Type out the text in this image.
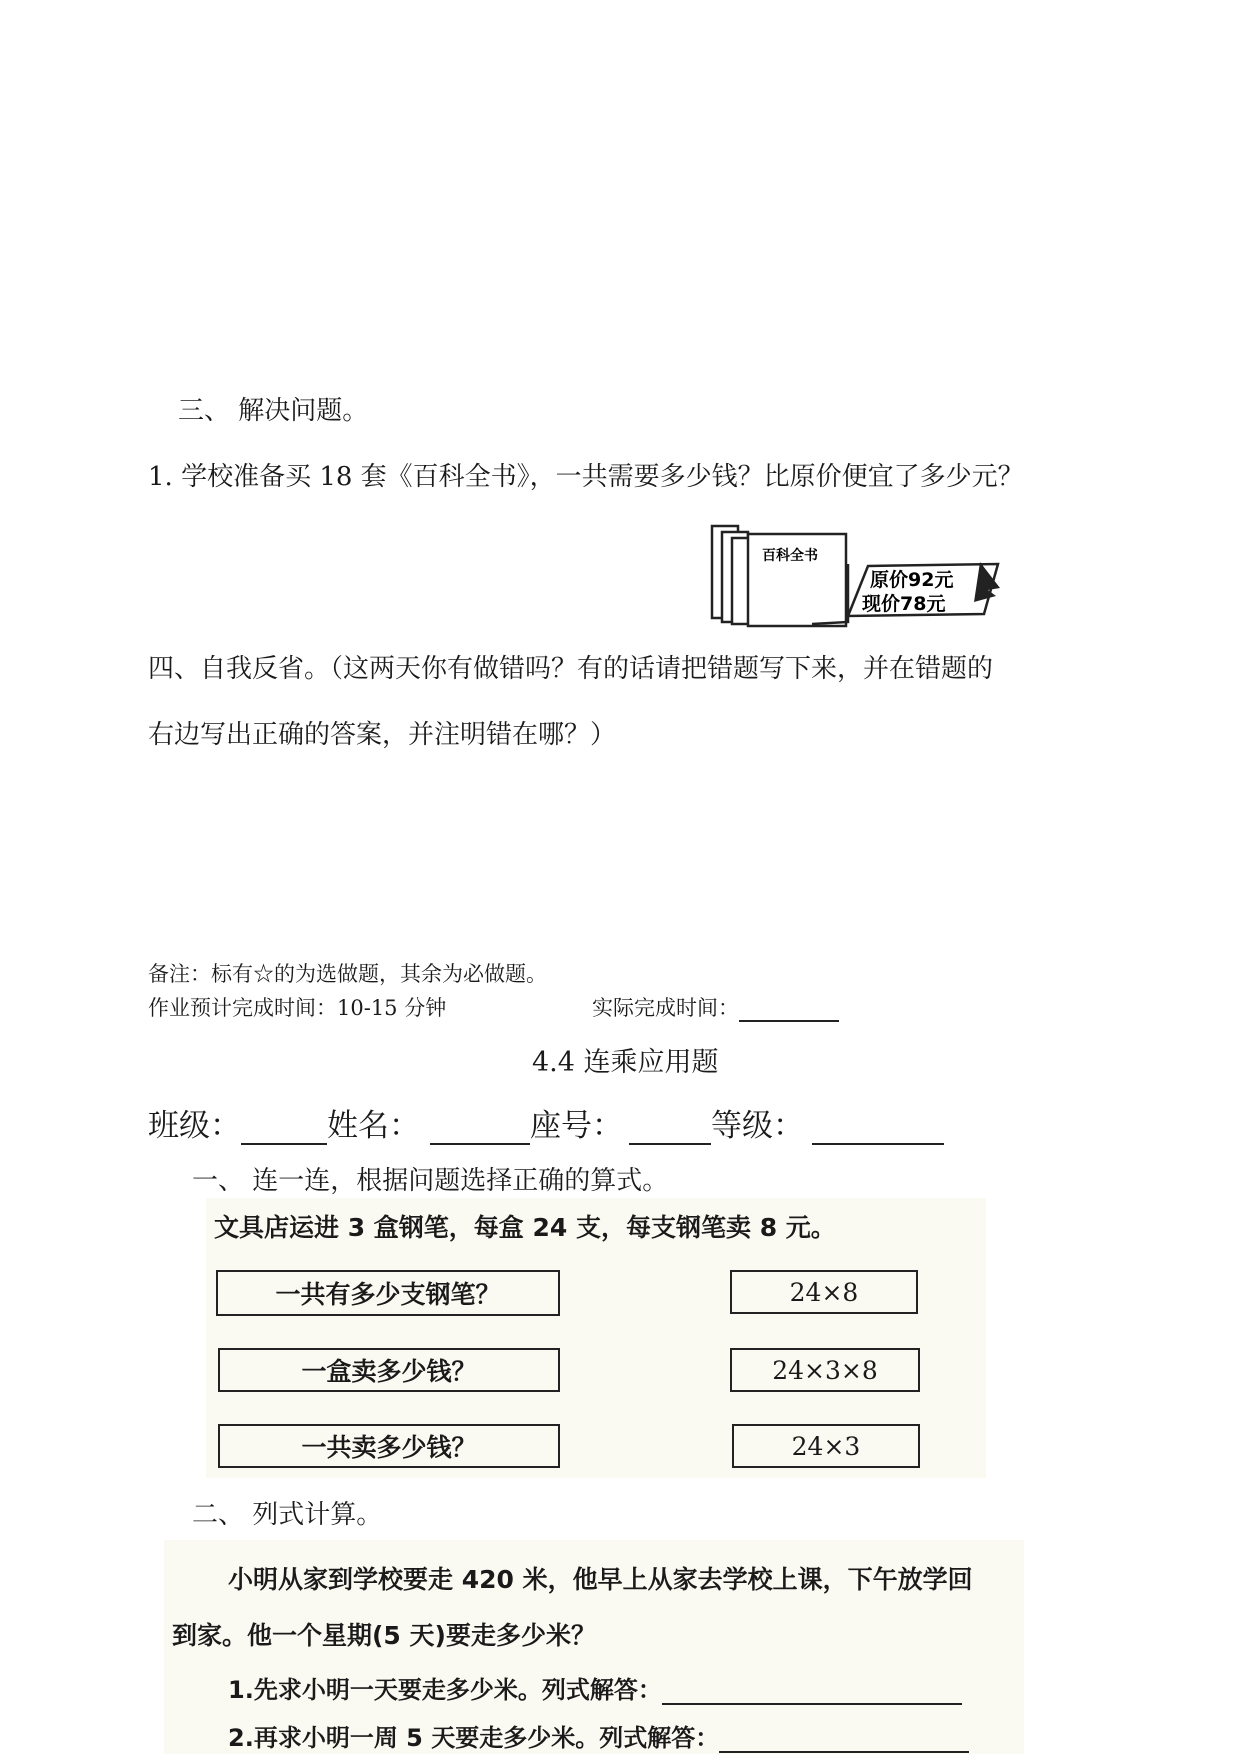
三、 解决问题。
1. 学校准备买 18 套《百科全书》，一共需要多少钱？比原价便宜了多少元？
百科全书
原价92元
现价78元
四、自我反省。（这两天你有做错吗？有的话请把错题写下来，并在错题的
右边写出正确的答案，并注明错在哪？）
备注：标有☆的为选做题，其余为必做题。
作业预计完成时间：10-15 分钟	实际完成时间：
4.4 连乘应用题
班级：	姓名：	座号：	等级：
一、 连一连，根据问题选择正确的算式。
文具店运进 3 盒钢笔，每盒 24 支，每支钢笔卖 8 元。
一共有多少支钢笔？
一盒卖多少钱？
一共卖多少钱？
24×8
24×3×8
24×3
二、 列式计算。
小明从家到学校要走 420 米，他早上从家去学校上课，下午放学回
到家。他一个星期(5 天)要走多少米？
1.先求小明一天要走多少米。列式解答：
2.再求小明一周 5 天要走多少米。列式解答：
